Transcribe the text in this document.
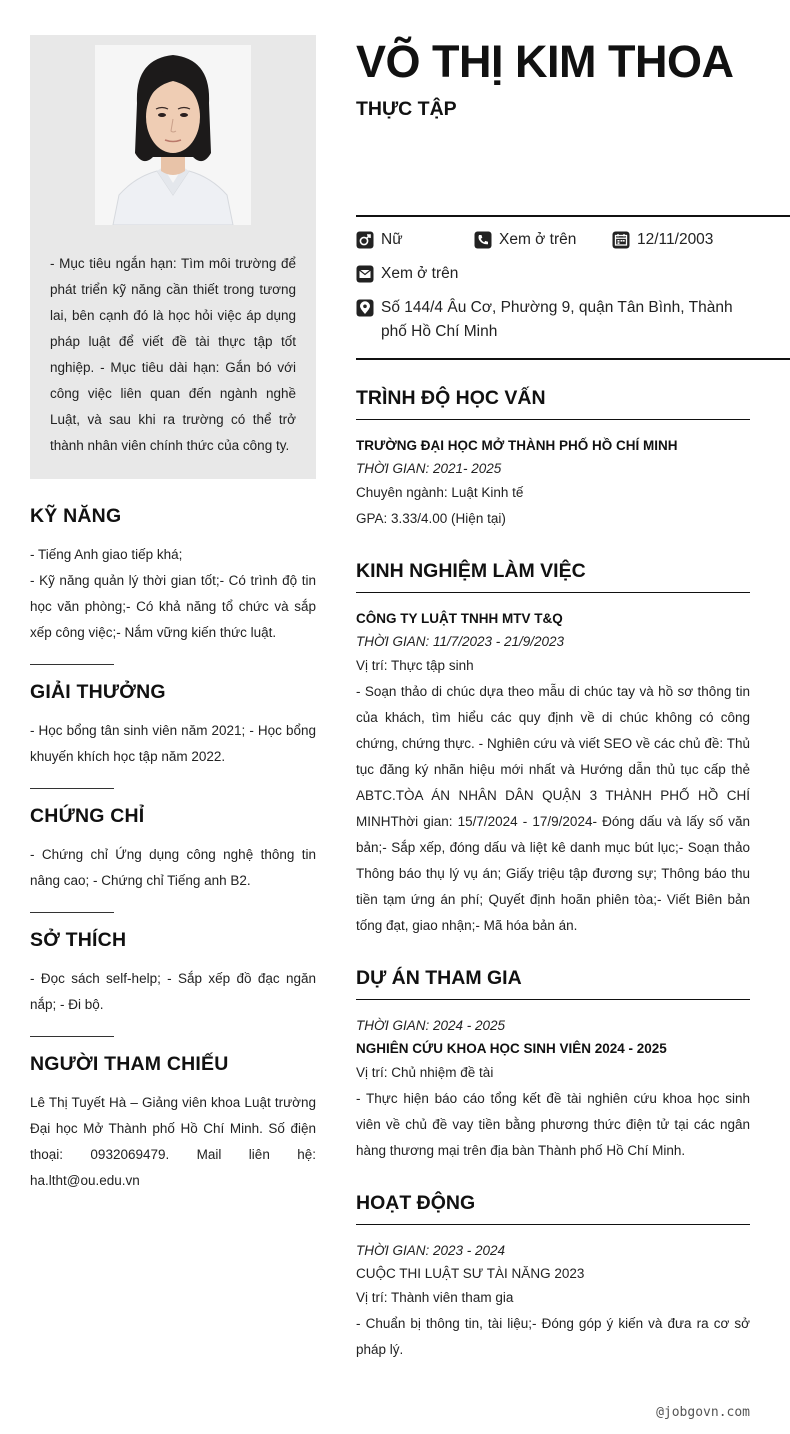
- Mục tiêu ngắn hạn: Tìm môi trường để phát triển kỹ năng cần thiết trong tương lai, bên cạnh đó là học hỏi việc áp dụng pháp luật để viết đề tài thực tập tốt nghiệp. - Mục tiêu dài hạn: Gắn bó với công việc liên quan đến ngành nghề Luật, và sau khi ra trường có thể trở thành nhân viên chính thức của công ty.

KỸ NĂNG

- Tiếng Anh giao tiếp khá;
- Kỹ năng quản lý thời gian tốt;- Có trình độ tin học văn phòng;- Có khả năng tổ chức và sắp xếp công việc;- Nắm vững kiến thức luật.

GIẢI THƯỞNG

- Học bổng tân sinh viên năm 2021; - Học bổng khuyến khích học tập năm 2022.

CHỨNG CHỈ

- Chứng chỉ Ứng dụng công nghệ thông tin nâng cao; - Chứng chỉ Tiếng anh B2.

SỞ THÍCH

- Đọc sách self-help; - Sắp xếp đồ đạc ngăn nắp; - Đi bộ.

NGƯỜI THAM CHIẾU

Lê Thị Tuyết Hà – Giảng viên khoa Luật trường Đại học Mở Thành phố Hồ Chí Minh. Số điện thoại: 0932069479. Mail liên hệ: ha.ltht@ou.edu.vn

VÕ THỊ KIM THOA
THỰC TẬP
Nữ	Xem ở trên	12/11/2003
Xem ở trên
Số 144/4 Âu Cơ, Phường 9, quận Tân Bình, Thành phố Hồ Chí Minh
TRÌNH ĐỘ HỌC VẤN
TRƯỜNG ĐẠI HỌC MỞ THÀNH PHỐ HỒ CHÍ MINH
THỜI GIAN: 2021- 2025
Chuyên ngành: Luật Kinh tế
GPA: 3.33/4.00 (Hiện tại)
KINH NGHIỆM LÀM VIỆC
CÔNG TY LUẬT TNHH MTV T&Q
THỜI GIAN: 11/7/2023 - 21/9/2023
Vị trí: Thực tập sinh
- Soạn thảo di chúc dựa theo mẫu di chúc tay và hồ sơ thông tin của khách, tìm hiểu các quy định về di chúc không có công chứng, chứng thực. - Nghiên cứu và viết SEO về các chủ đề: Thủ tục đăng ký nhãn hiệu mới nhất và Hướng dẫn thủ tục cấp thẻ ABTC.TÒA ÁN NHÂN DÂN QUẬN 3 THÀNH PHỐ HỒ CHÍ MINHThời gian: 15/7/2024 - 17/9/2024- Đóng dấu và lấy số văn bản;- Sắp xếp, đóng dấu và liệt kê danh mục bút lục;- Soạn thảo Thông báo thụ lý vụ án; Giấy triệu tập đương sự; Thông báo thu tiền tạm ứng án phí; Quyết định hoãn phiên tòa;- Viết Biên bản tống đạt, giao nhận;- Mã hóa bản án.
DỰ ÁN THAM GIA
THỜI GIAN: 2024 - 2025
NGHIÊN CỨU KHOA HỌC SINH VIÊN 2024 - 2025
Vị trí: Chủ nhiệm đề tài
- Thực hiện báo cáo tổng kết đề tài nghiên cứu khoa học sinh viên về chủ đề vay tiền bằng phương thức điện tử tại các ngân hàng thương mại trên địa bàn Thành phố Hồ Chí Minh.
HOẠT ĐỘNG
THỜI GIAN: 2023 - 2024
CUỘC THI LUẬT SƯ TÀI NĂNG 2023
Vị trí: Thành viên tham gia
- Chuẩn bị thông tin, tài liệu;- Đóng góp ý kiến và đưa ra cơ sở pháp lý.
@jobgovn.com
